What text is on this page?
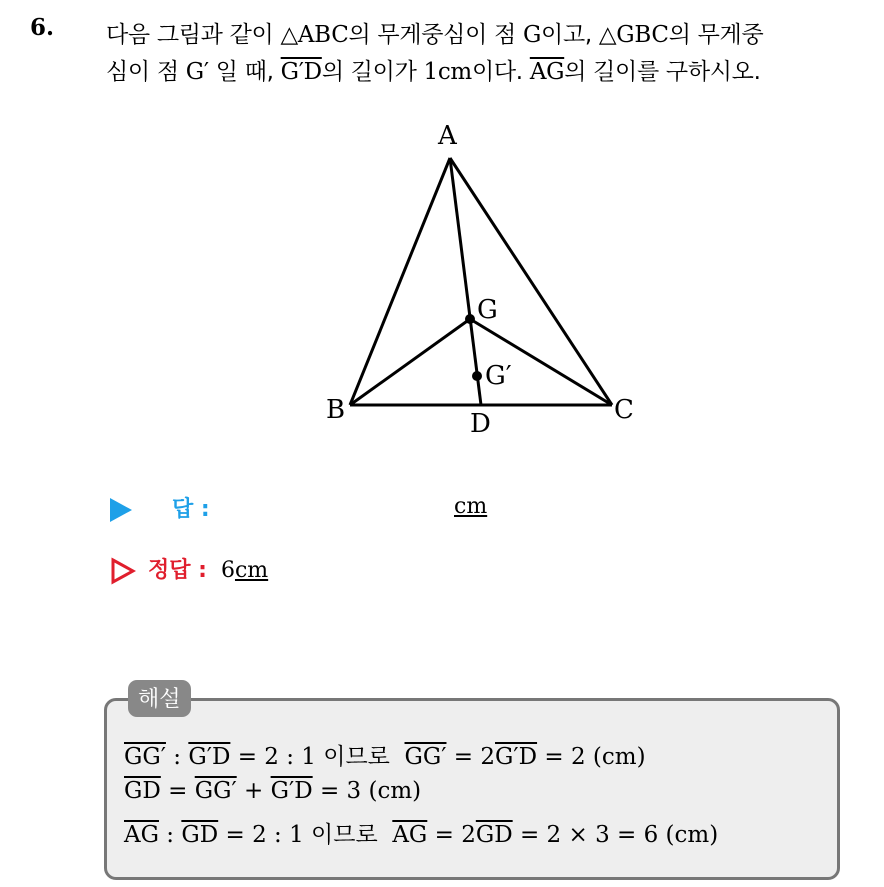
6. 다음 그림과 같이 △ABC의 무게중심이 점 G이고, △GBC의 무게중
심이 점 G′ 일 때, G′D의 길이가 1cm이다. $\overline{AG}$의 길이를 구하시오.
A
B	C
D
G
G′
답 :	cm
정답 : 6cm
해설
GG′ : G′D = 2 : 1 이므로 GG′ = 2G′D = 2 (cm)
$\overline{GD} = GG' + G'D = 3$ (cm)
$\overline{AG}$ : $\overline{GD} = 2$ : 1 이므로 $\overline{AG} = 2\overline{GD} = 2 \times 3 = 6$ (cm)
